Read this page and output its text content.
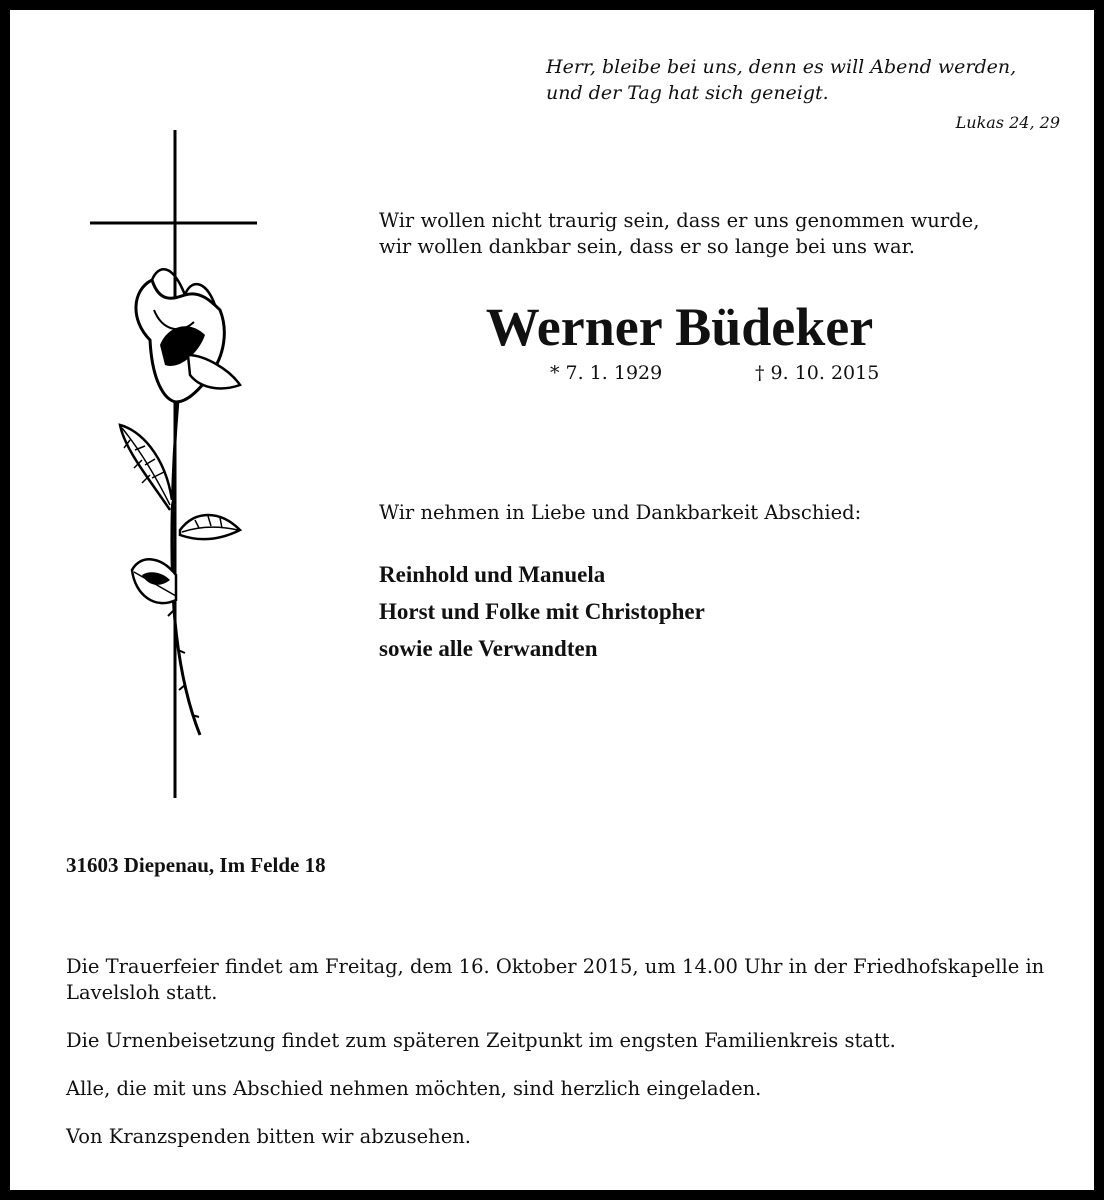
Herr, bleibe bei uns, denn es will Abend werden,
und der Tag hat sich geneigt.
Lukas 24, 29
Wir wollen nicht traurig sein, dass er uns genommen wurde,
wir wollen dankbar sein, dass er so lange bei uns war.
Werner Büdeker
* 7. 1. 1929	† 9. 10. 2015
Wir nehmen in Liebe und Dankbarkeit Abschied:
Reinhold und Manuela
Horst und Folke mit Christopher
sowie alle Verwandten
31603 Diepenau, Im Felde 18

Die Trauerfeier findet am Freitag, dem 16. Oktober 2015, um 14.00 Uhr in der Friedhofskapelle in Lavelsloh statt.

Die Urnenbeisetzung findet zum späteren Zeitpunkt im engsten Familienkreis statt.

Alle, die mit uns Abschied nehmen möchten, sind herzlich eingeladen.

Von Kranzspenden bitten wir abzusehen.
